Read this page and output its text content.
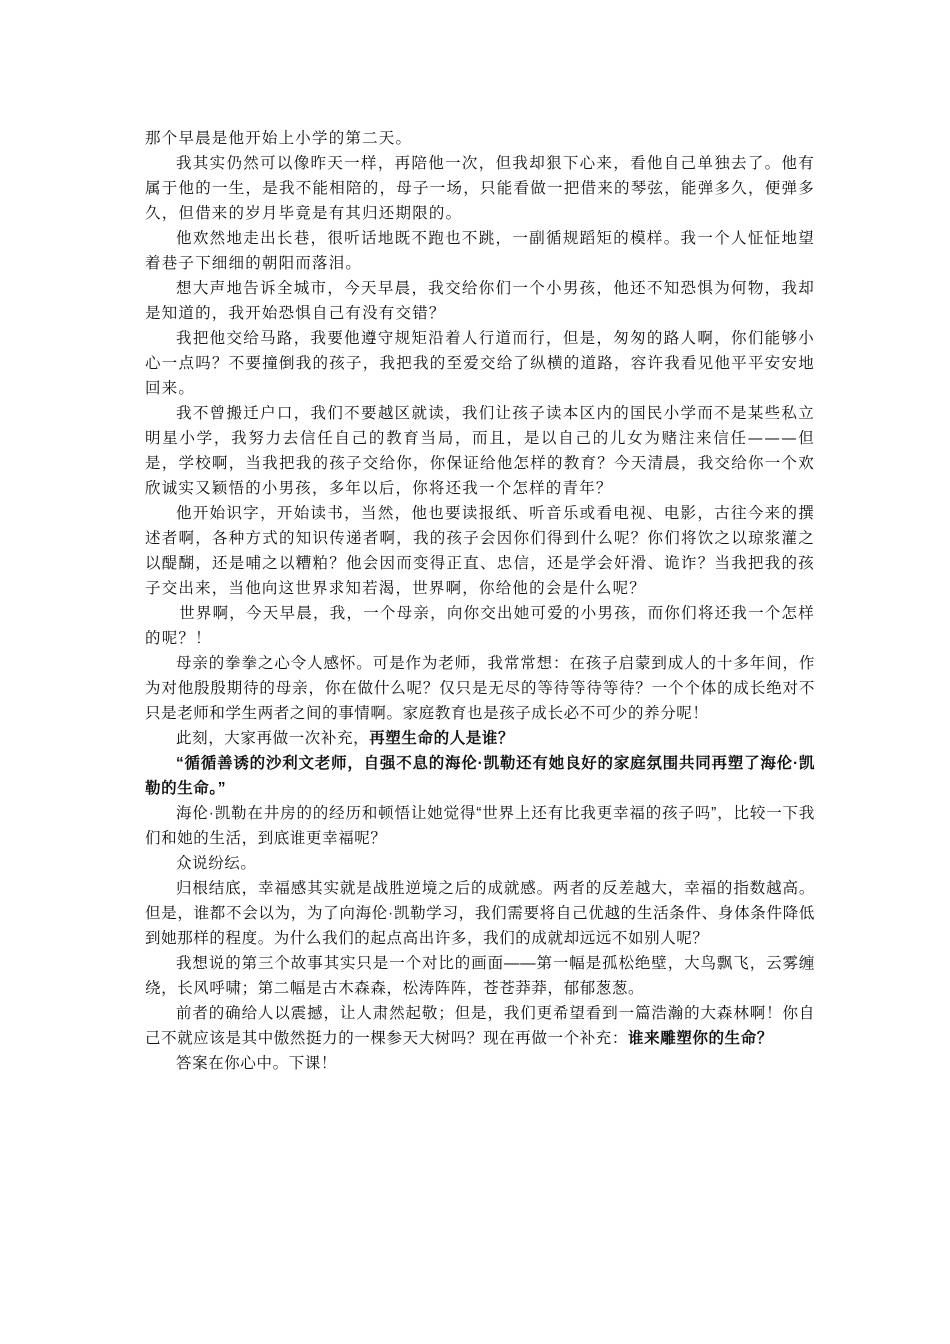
那个早晨是他开始上小学的第二天。

我其实仍然可以像昨天一样，再陪他一次，但我却狠下心来，看他自己单独去了。他有属于他的一生，是我不能相陪的，母子一场，只能看做一把借来的琴弦，能弹多久，便弹多久，但借来的岁月毕竟是有其归还期限的。

他欢然地走出长巷，很听话地既不跑也不跳，一副循规蹈矩的模样。我一个人怔怔地望着巷子下细细的朝阳而落泪。

想大声地告诉全城市，今天早晨，我交给你们一个小男孩，他还不知恐惧为何物，我却是知道的，我开始恐惧自己有没有交错？

我把他交给马路，我要他遵守规矩沿着人行道而行，但是，匆匆的路人啊，你们能够小心一点吗？不要撞倒我的孩子，我把我的至爱交给了纵横的道路，容许我看见他平平安安地回来。

我不曾搬迁户口，我们不要越区就读，我们让孩子读本区内的国民小学而不是某些私立明星小学，我努力去信任自己的教育当局，而且，是以自己的儿女为赌注来信任———但是，学校啊，当我把我的孩子交给你，你保证给他怎样的教育？今天清晨，我交给你一个欢欣诚实又颖悟的小男孩，多年以后，你将还我一个怎样的青年？

他开始识字，开始读书，当然，他也要读报纸、听音乐或看电视、电影，古往今来的撰述者啊，各种方式的知识传递者啊，我的孩子会因你们得到什么呢？你们将饮之以琼浆灌之以醍醐，还是哺之以糟粕？他会因而变得正直、忠信，还是学会奸滑、诡诈？当我把我的孩子交出来，当他向这世界求知若渴，世界啊，你给他的会是什么呢？

世界啊，今天早晨，我，一个母亲，向你交出她可爱的小男孩，而你们将还我一个怎样的呢？！

母亲的拳拳之心令人感怀。可是作为老师，我常常想：在孩子启蒙到成人的十多年间，作为对他殷殷期待的母亲，你在做什么呢？仅只是无尽的等待等待等待？一个个体的成长绝对不只是老师和学生两者之间的事情啊。家庭教育也是孩子成长必不可少的养分呢！

此刻，大家再做一次补充，再塑生命的人是谁？

“循循善诱的沙利文老师，自强不息的海伦·凯勒还有她良好的家庭氛围共同再塑了海伦·凯勒的生命。”

海伦·凯勒在井房的的经历和顿悟让她觉得“世界上还有比我更幸福的孩子吗”，比较一下我们和她的生活，到底谁更幸福呢？

众说纷纭。

归根结底，幸福感其实就是战胜逆境之后的成就感。两者的反差越大，幸福的指数越高。但是，谁都不会以为，为了向海伦·凯勒学习，我们需要将自己优越的生活条件、身体条件降低到她那样的程度。为什么我们的起点高出许多，我们的成就却远远不如别人呢？

我想说的第三个故事其实只是一个对比的画面——第一幅是孤松绝壁，大鸟飘飞，云雾缠绕，长风呼啸；第二幅是古木森森，松涛阵阵，苍苍莽莽，郁郁葱葱。

前者的确给人以震撼，让人肃然起敬；但是，我们更希望看到一篇浩瀚的大森林啊！你自己不就应该是其中傲然挺力的一棵参天大树吗？现在再做一个补充：谁来雕塑你的生命？

答案在你心中。下课！
